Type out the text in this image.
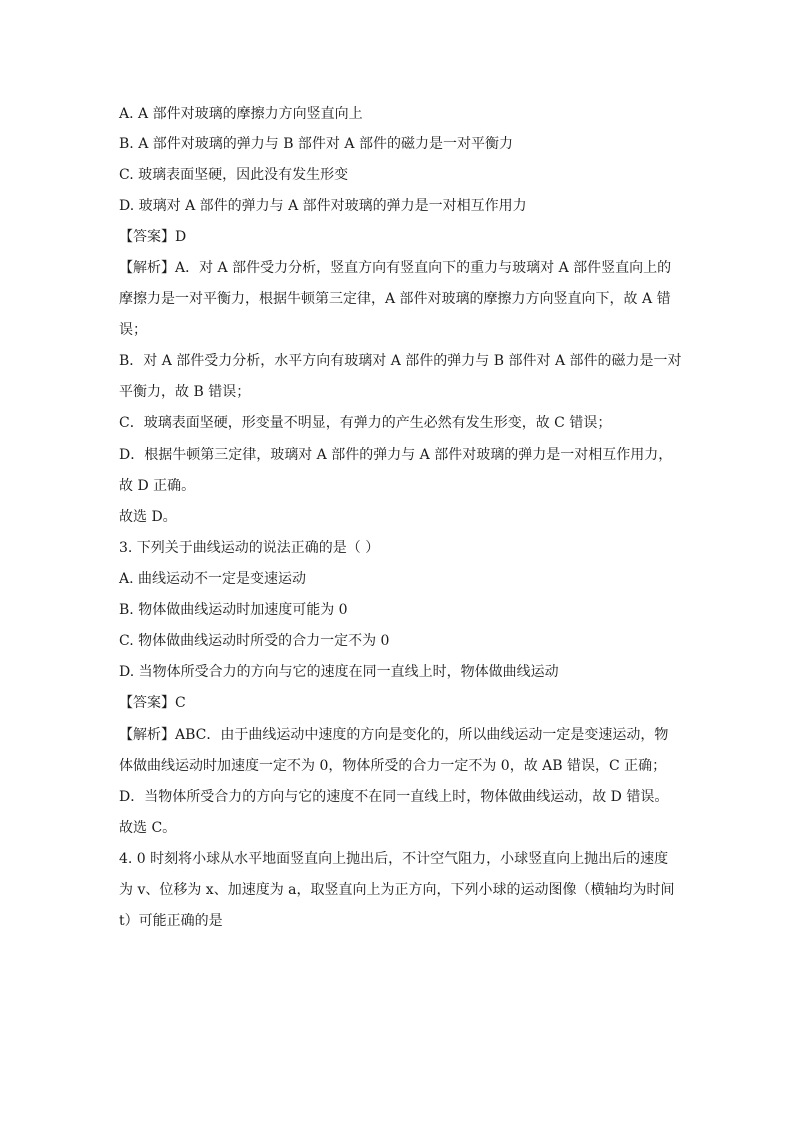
A. A 部件对玻璃的摩擦力方向竖直向上
B. A 部件对玻璃的弹力与 B 部件对 A 部件的磁力是一对平衡力
C. 玻璃表面坚硬，因此没有发生形变
D. 玻璃对 A 部件的弹力与 A 部件对玻璃的弹力是一对相互作用力
【答案】D
【解析】A．对 A 部件受力分析，竖直方向有竖直向下的重力与玻璃对 A 部件竖直向上的
摩擦力是一对平衡力，根据牛顿第三定律，A 部件对玻璃的摩擦力方向竖直向下，故 A 错
误；
B．对 A 部件受力分析，水平方向有玻璃对 A 部件的弹力与 B 部件对 A 部件的磁力是一对
平衡力，故 B 错误；
C．玻璃表面坚硬，形变量不明显，有弹力的产生必然有发生形变，故 C 错误；
D．根据牛顿第三定律，玻璃对 A 部件的弹力与 A 部件对玻璃的弹力是一对相互作用力，
故 D 正确。
故选 D。
3. 下列关于曲线运动的说法正确的是（ ）
A. 曲线运动不一定是变速运动
B. 物体做曲线运动时加速度可能为 0
C. 物体做曲线运动时所受的合力一定不为 0
D. 当物体所受合力的方向与它的速度在同一直线上时，物体做曲线运动
【答案】C
【解析】ABC．由于曲线运动中速度的方向是变化的，所以曲线运动一定是变速运动，物
体做曲线运动时加速度一定不为 0，物体所受的合力一定不为 0，故 AB 错误，C 正确；
D．当物体所受合力的方向与它的速度不在同一直线上时，物体做曲线运动，故 D 错误。
故选 C。
4. 0 时刻将小球从水平地面竖直向上抛出后，不计空气阻力，小球竖直向上抛出后的速度
为 v、位移为 x、加速度为 a，取竖直向上为正方向，下列小球的运动图像（横轴均为时间
t）可能正确的是
